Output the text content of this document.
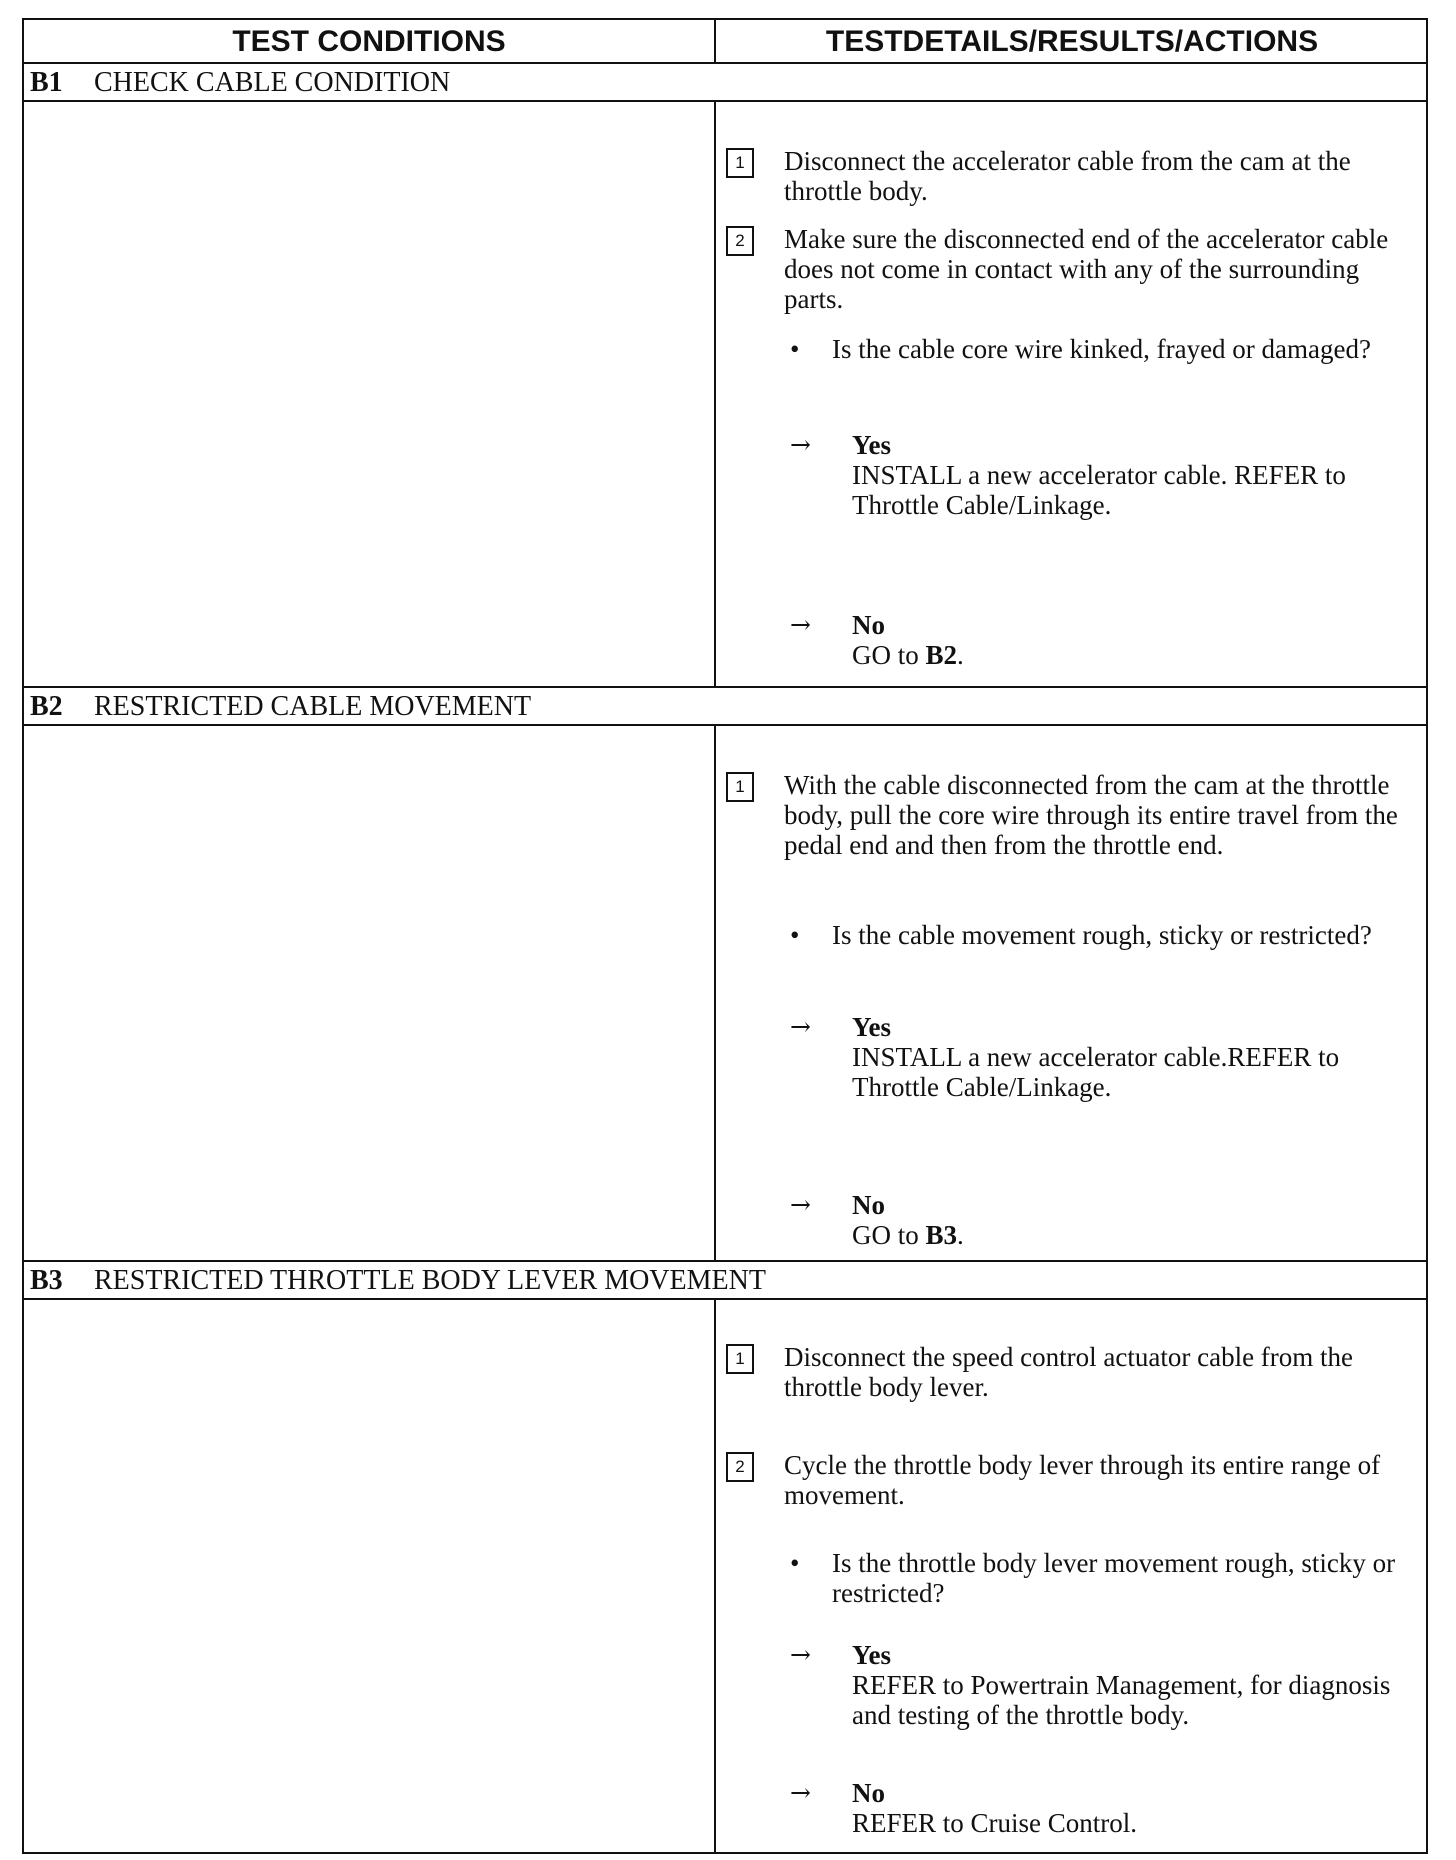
TEST CONDITIONS	TESTDETAILS/RESULTS/ACTIONS
B1 CHECK CABLE CONDITION
1	Disconnect the accelerator cable from the cam at the throttle body.
2	Make sure the disconnected end of the accelerator cable does not come in contact with any of the surrounding parts.
• Is the cable core wire kinked, frayed or damaged?
→ Yes
INSTALL a new accelerator cable. REFER to Throttle Cable/Linkage.
→ No
GO to B2.
B2 RESTRICTED CABLE MOVEMENT
1	With the cable disconnected from the cam at the throttle body, pull the core wire through its entire travel from the pedal end and then from the throttle end.
• Is the cable movement rough, sticky or restricted?
→ Yes
INSTALL a new accelerator cable.REFER to Throttle Cable/Linkage.
→ No
GO to B3.
B3 RESTRICTED THROTTLE BODY LEVER MOVEMENT
1	Disconnect the speed control actuator cable from the throttle body lever.
2	Cycle the throttle body lever through its entire range of movement.
• Is the throttle body lever movement rough, sticky or restricted?
→ Yes
REFER to Powertrain Management, for diagnosis and testing of the throttle body.
→ No
REFER to Cruise Control.
